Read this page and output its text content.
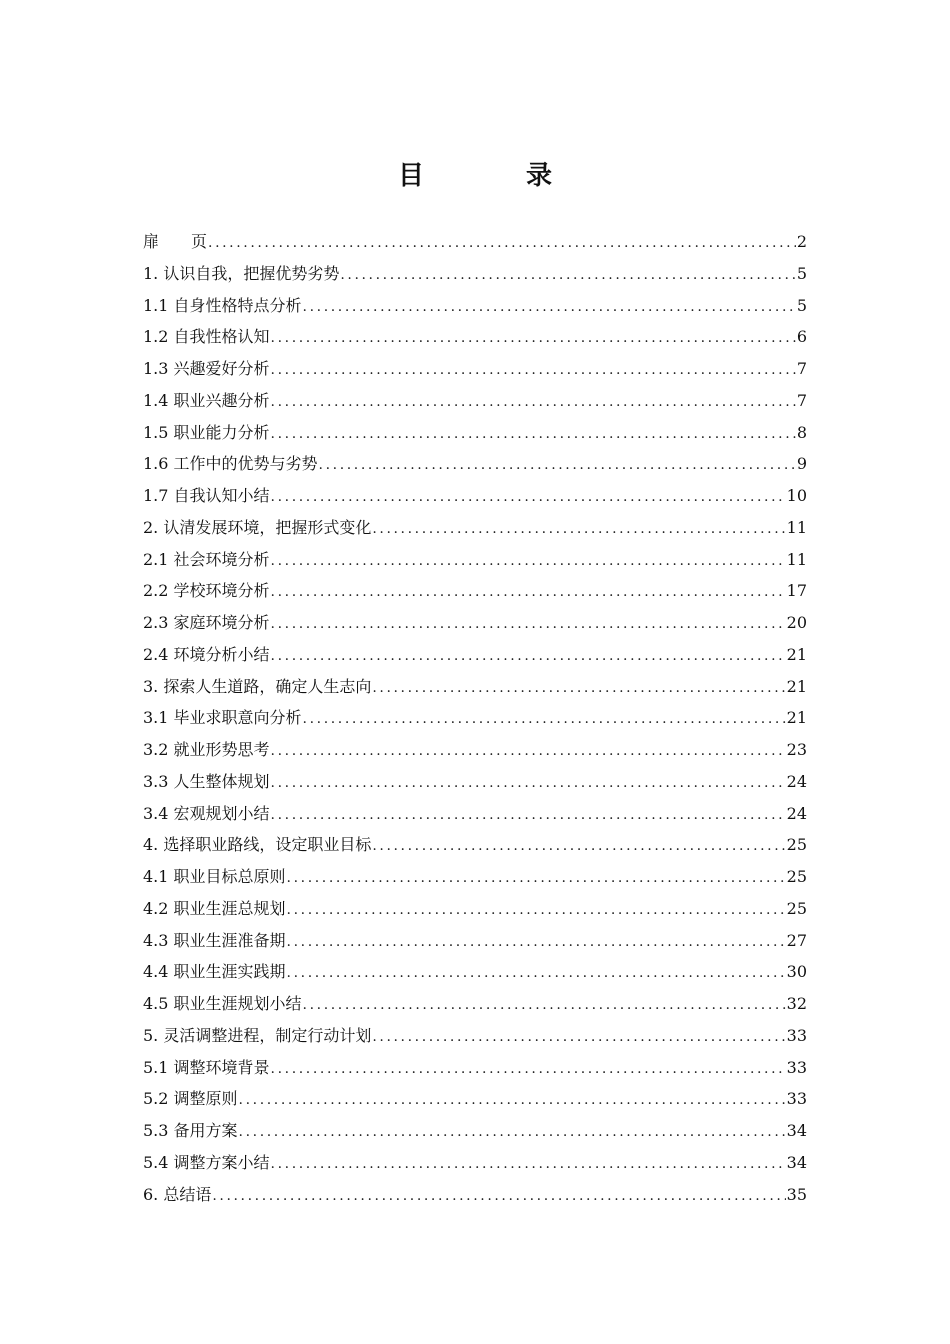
目　录
扉　　页 .....	2
1. 认识自我，把握优势劣势 .....	5
1.1 自身性格特点分析 .....	5
1.2 自我性格认知 .....	6
1.3 兴趣爱好分析 .....	7
1.4 职业兴趣分析 .....	7
1.5 职业能力分析 .....	8
1.6 工作中的优势与劣势 .....	9
1.7 自我认知小结 .....	10
2. 认清发展环境，把握形式变化 .....	11
2.1 社会环境分析 .....	11
2.2 学校环境分析 .....	17
2.3 家庭环境分析 .....	20
2.4 环境分析小结 .....	21
3. 探索人生道路，确定人生志向 .....	21
3.1 毕业求职意向分析 .....	21
3.2 就业形势思考 .....	23
3.3 人生整体规划 .....	24
3.4 宏观规划小结 .....	24
4. 选择职业路线，设定职业目标 .....	25
4.1 职业目标总原则 .....	25
4.2 职业生涯总规划 .....	25
4.3 职业生涯准备期 .....	27
4.4 职业生涯实践期 .....	30
4.5 职业生涯规划小结 .....	32
5. 灵活调整进程，制定行动计划 .....	33
5.1 调整环境背景 .....	33
5.2 调整原则 .....	33
5.3 备用方案 .....	34
5.4 调整方案小结 .....	34
6. 总结语 .....	35
